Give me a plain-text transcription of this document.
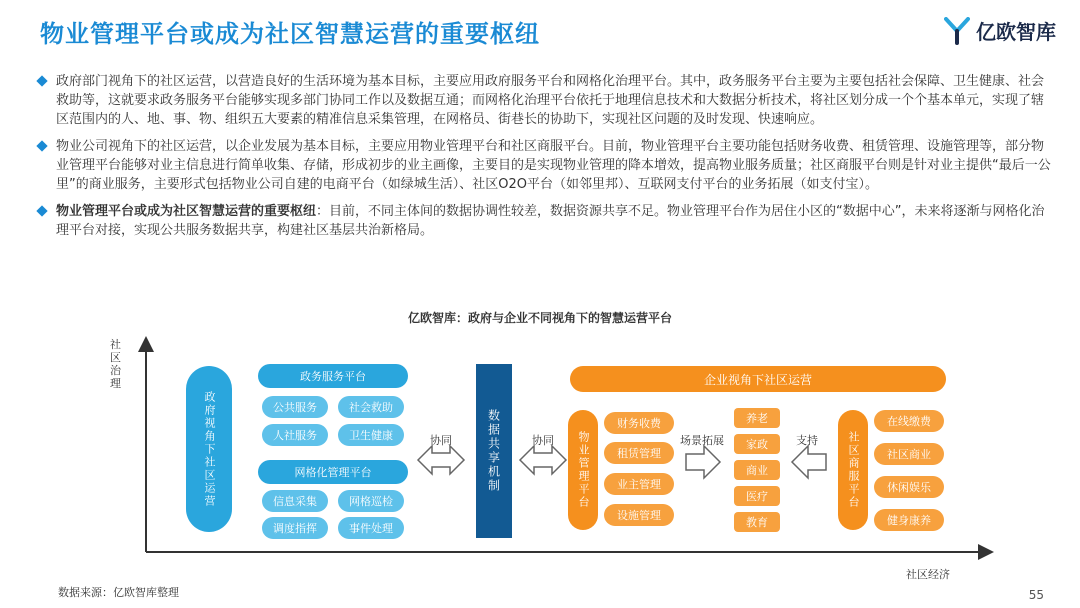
物业管理平台或成为社区智慧运营的重要枢纽	亿欧智库
政府部门视角下的社区运营，以营造良好的生活环境为基本目标，主要应用政府服务平台和网格化治理平台。其中，政务服务平台主要为主要包括社会保障、卫生健康、社会救助等，这就要求政务服务平台能够实现多部门协同工作以及数据互通；而网格化治理平台依托于地理信息技术和大数据分析技术，将社区划分成一个个基本单元，实现了辖区范围内的人、地、事、物、组织五大要素的精准信息采集管理，在网格员、街巷长的协助下，实现社区问题的及时发现、快速响应。
物业公司视角下的社区运营，以企业发展为基本目标，主要应用物业管理平台和社区商服平台。目前，物业管理平台主要功能包括财务收费、租赁管理、设施管理等，部分物业管理平台能够对业主信息进行简单收集、存储，形成初步的业主画像，主要目的是实现物业管理的降本增效，提高物业服务质量；社区商服平台则是针对业主提供“最后一公里”的商业服务，主要形式包括物业公司自建的电商平台（如绿城生活）、社区O2O平台（如邻里邦）、互联网支付平台的业务拓展（如支付宝）。
物业管理平台或成为社区智慧运营的重要枢纽：目前，不同主体间的数据协调性较差，数据资源共享不足。物业管理平台作为居住小区的“数据中心”，未来将逐渐与网格化治理平台对接，实现公共服务数据共享，构建社区基层共治新格局。
亿欧智库：政府与企业不同视角下的智慧运营平台
社区治理
社区经济
政府视角下社区运营
政务服务平台
公共服务	社会救助
人社服务	卫生健康
网格化管理平台
信息采集	网格巡检
调度指挥	事件处理
协同	协同
数据共享机制
企业视角下社区运营
物业管理平台
财务收费
租赁管理
业主管理
设施管理
场景拓展
养老
家政
商业
医疗
教育
支持	社区商服平台
在线缴费
社区商业
休闲娱乐
健身康养
数据来源：亿欧智库整理	55
